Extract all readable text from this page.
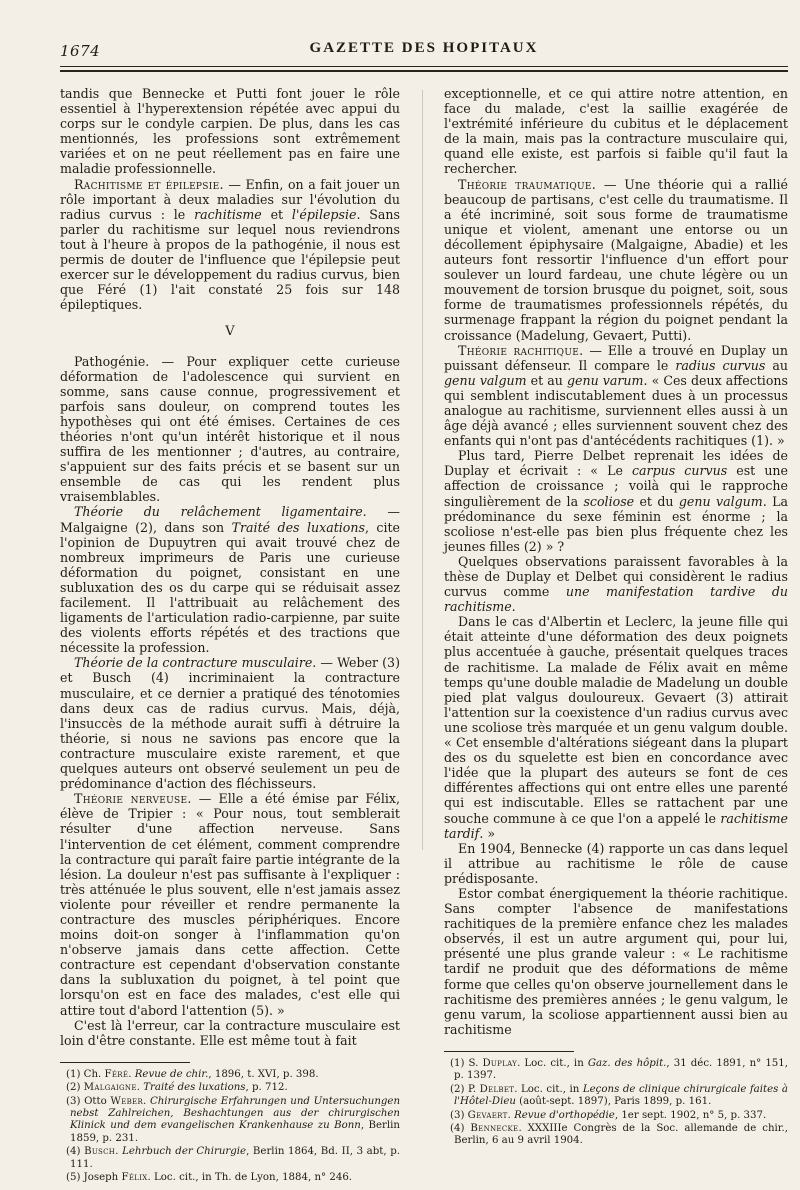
1674	GAZETTE DES HOPITAUX

tandis que Bennecke et Putti font jouer le rôle essentiel à l'hyperextension répétée avec appui du corps sur le condyle carpien. De plus, dans les cas mentionnés, les professions sont extrêmement variées et on ne peut réellement pas en faire une maladie professionnelle.

Rachitisme et épilepsie. — Enfin, on a fait jouer un rôle important à deux maladies sur l'évolution du radius curvus : le rachitisme et l'épilepsie. Sans parler du rachitisme sur lequel nous reviendrons tout à l'heure à propos de la pathogénie, il nous est permis de douter de l'influence que l'épilepsie peut exercer sur le développement du radius curvus, bien que Féré (1) l'ait constaté 25 fois sur 148 épileptiques.

V

Pathogénie. — Pour expliquer cette curieuse déformation de l'adolescence qui survient en somme, sans cause connue, progressivement et parfois sans douleur, on comprend toutes les hypothèses qui ont été émises. Certaines de ces théories n'ont qu'un intérêt historique et il nous suffira de les mentionner ; d'autres, au contraire, s'appuient sur des faits précis et se basent sur un ensemble de cas qui les rendent plus vraisemblables.

Théorie du relâchement ligamentaire. — Malgaigne (2), dans son Traité des luxations, cite l'opinion de Dupuytren qui avait trouvé chez de nombreux imprimeurs de Paris une curieuse déformation du poignet, consistant en une subluxation des os du carpe qui se réduisait assez facilement. Il l'attribuait au relâchement des ligaments de l'articulation radio-carpienne, par suite des violents efforts répétés et des tractions que nécessite la profession.

Théorie de la contracture musculaire. — Weber (3) et Busch (4) incriminaient la contracture musculaire, et ce dernier a pratiqué des ténotomies dans deux cas de radius curvus. Mais, déjà, l'insuccès de la méthode aurait suffi à détruire la théorie, si nous ne savions pas encore que la contracture musculaire existe rarement, et que quelques auteurs ont observé seulement un peu de prédominance d'action des fléchisseurs.

Théorie nerveuse. — Elle a été émise par Félix, élève de Tripier : « Pour nous, tout semblerait résulter d'une affection nerveuse. Sans l'intervention de cet élément, comment comprendre la contracture qui paraît faire partie intégrante de la lésion. La douleur n'est pas suffisante à l'expliquer : très atténuée le plus souvent, elle n'est jamais assez violente pour réveiller et rendre permanente la contracture des muscles périphériques. Encore moins doit-on songer à l'inflammation qu'on n'observe jamais dans cette affection. Cette contracture est cependant d'observation constante dans la subluxation du poignet, à tel point que lorsqu'on est en face des malades, c'est elle qui attire tout d'abord l'attention (5). »

C'est là l'erreur, car la contracture musculaire est loin d'être constante. Elle est même tout à fait

(1) Ch. Féré. Revue de chir., 1896, t. XVI, p. 398.

(2) Malgaigne. Traité des luxations, p. 712.

(3) Otto Weber. Chirurgische Erfahrungen und Untersuchungen nebst Zahlreichen, Beshachtungen aus der chirurgischen Klinick und dem evangelischen Krankenhause zu Bonn, Berlin 1859, p. 231.

(4) Busch. Lehrbuch der Chirurgie, Berlin 1864, Bd. II, 3 abt, p. 111.

(5) Joseph Félix. Loc. cit., in Th. de Lyon, 1884, n° 246.

exceptionnelle, et ce qui attire notre attention, en face du malade, c'est la saillie exagérée de l'extrémité inférieure du cubitus et le déplacement de la main, mais pas la contracture musculaire qui, quand elle existe, est parfois si faible qu'il faut la rechercher.

Théorie traumatique. — Une théorie qui a rallié beaucoup de partisans, c'est celle du traumatisme. Il a été incriminé, soit sous forme de traumatisme unique et violent, amenant une entorse ou un décollement épiphysaire (Malgaigne, Abadie) et les auteurs font ressortir l'influence d'un effort pour soulever un lourd fardeau, une chute légère ou un mouvement de torsion brusque du poignet, soit, sous forme de traumatismes professionnels répétés, du surmenage frappant la région du poignet pendant la croissance (Madelung, Gevaert, Putti).

Théorie rachitique. — Elle a trouvé en Duplay un puissant défenseur. Il compare le radius curvus au genu valgum et au genu varum. « Ces deux affections qui semblent indiscutablement dues à un processus analogue au rachitisme, surviennent elles aussi à un âge déjà avancé ; elles surviennent souvent chez des enfants qui n'ont pas d'antécédents rachitiques (1). »

Plus tard, Pierre Delbet reprenait les idées de Duplay et écrivait : « Le carpus curvus est une affection de croissance ; voilà qui le rapproche singulièrement de la scoliose et du genu valgum. La prédominance du sexe féminin est énorme ; la scoliose n'est-elle pas bien plus fréquente chez les jeunes filles (2) » ?

Quelques observations paraissent favorables à la thèse de Duplay et Delbet qui considèrent le radius curvus comme une manifestation tardive du rachitisme.

Dans le cas d'Albertin et Leclerc, la jeune fille qui était atteinte d'une déformation des deux poignets plus accentuée à gauche, présentait quelques traces de rachitisme. La malade de Félix avait en même temps qu'une double maladie de Madelung un double pied plat valgus douloureux. Gevaert (3) attirait l'attention sur la coexistence d'un radius curvus avec une scoliose très marquée et un genu valgum double. « Cet ensemble d'altérations siégeant dans la plupart des os du squelette est bien en concordance avec l'idée que la plupart des auteurs se font de ces différentes affections qui ont entre elles une parenté qui est indiscutable. Elles se rattachent par une souche commune à ce que l'on a appelé le rachitisme tardif. »

En 1904, Bennecke (4) rapporte un cas dans lequel il attribue au rachitisme le rôle de cause prédisposante.

Estor combat énergiquement la théorie rachitique. Sans compter l'absence de manifestations rachitiques de la première enfance chez les malades observés, il est un autre argument qui, pour lui, présenté une plus grande valeur : « Le rachitisme tardif ne produit que des déformations de même forme que celles qu'on observe journellement dans le rachitisme des premières années ; le genu valgum, le genu varum, la scoliose appartiennent aussi bien au rachitisme

(1) S. Duplay. Loc. cit., in Gaz. des hôpit., 31 déc. 1891, n° 151, p. 1397.

(2) P. Delbet. Loc. cit., in Leçons de clinique chirurgicale faites à l'Hôtel-Dieu (août-sept. 1897), Paris 1899, p. 161.

(3) Gevaert. Revue d'orthopédie, 1er sept. 1902, n° 5, p. 337.

(4) Bennecke. XXXIIIe Congrès de la Soc. allemande de chir., Berlin, 6 au 9 avril 1904.
